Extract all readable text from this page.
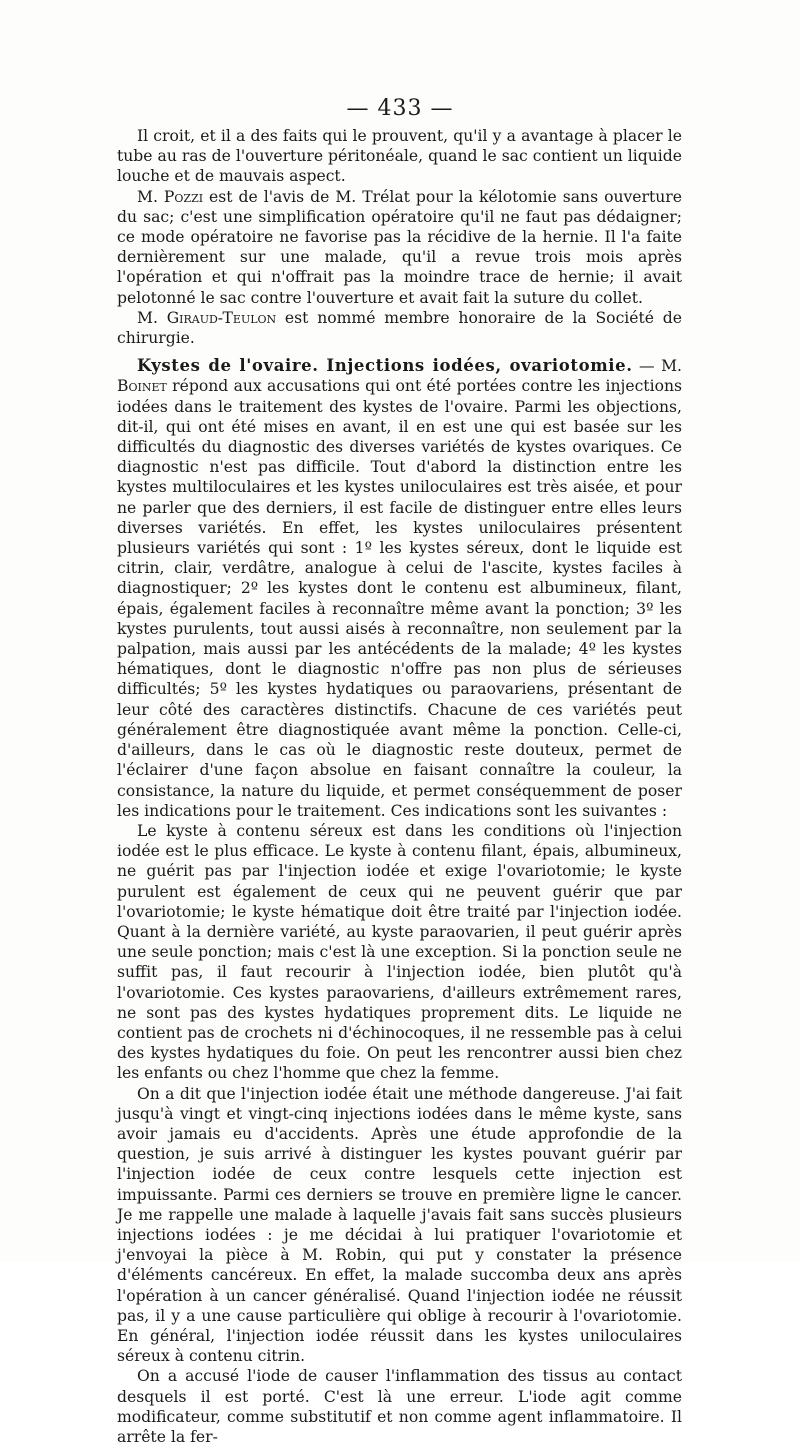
— 433 —

Il croit, et il a des faits qui le prouvent, qu'il y a avantage à placer le tube au ras de l'ouverture péritonéale, quand le sac contient un liquide louche et de mauvais aspect.

M. Pozzi est de l'avis de M. Trélat pour la kélotomie sans ouverture du sac; c'est une simplification opératoire qu'il ne faut pas dédaigner; ce mode opératoire ne favorise pas la récidive de la hernie. Il l'a faite dernièrement sur une malade, qu'il a revue trois mois après l'opération et qui n'offrait pas la moindre trace de hernie; il avait pelotonné le sac contre l'ouverture et avait fait la suture du collet.

M. Giraud-Teulon est nommé membre honoraire de la Société de chirurgie.

Kystes de l'ovaire. Injections iodées, ovariotomie. — M. Boinet répond aux accusations qui ont été portées contre les injections iodées dans le traitement des kystes de l'ovaire. Parmi les objections, dit-il, qui ont été mises en avant, il en est une qui est basée sur les difficultés du diagnostic des diverses variétés de kystes ovariques. Ce diagnostic n'est pas difficile. Tout d'abord la distinction entre les kystes multiloculaires et les kystes uniloculaires est très aisée, et pour ne parler que des derniers, il est facile de distinguer entre elles leurs diverses variétés. En effet, les kystes uniloculaires présentent plusieurs variétés qui sont : 1º les kystes séreux, dont le liquide est citrin, clair, verdâtre, analogue à celui de l'ascite, kystes faciles à diagnostiquer; 2º les kystes dont le contenu est albumineux, filant, épais, également faciles à reconnaître même avant la ponction; 3º les kystes purulents, tout aussi aisés à reconnaître, non seulement par la palpation, mais aussi par les antécédents de la malade; 4º les kystes hématiques, dont le diagnostic n'offre pas non plus de sérieuses difficultés; 5º les kystes hydatiques ou paraovariens, présentant de leur côté des caractères distinctifs. Chacune de ces variétés peut généralement être diagnostiquée avant même la ponction. Celle-ci, d'ailleurs, dans le cas où le diagnostic reste douteux, permet de l'éclairer d'une façon absolue en faisant connaître la couleur, la consistance, la nature du liquide, et permet conséquemment de poser les indications pour le traitement. Ces indications sont les suivantes :

Le kyste à contenu séreux est dans les conditions où l'injection iodée est le plus efficace. Le kyste à contenu filant, épais, albumineux, ne guérit pas par l'injection iodée et exige l'ovariotomie; le kyste purulent est également de ceux qui ne peuvent guérir que par l'ovariotomie; le kyste hématique doit être traité par l'injection iodée. Quant à la dernière variété, au kyste paraovarien, il peut guérir après une seule ponction; mais c'est là une exception. Si la ponction seule ne suffit pas, il faut recourir à l'injection iodée, bien plutôt qu'à l'ovariotomie. Ces kystes paraovariens, d'ailleurs extrêmement rares, ne sont pas des kystes hydatiques proprement dits. Le liquide ne contient pas de crochets ni d'échinocoques, il ne ressemble pas à celui des kystes hydatiques du foie. On peut les rencontrer aussi bien chez les enfants ou chez l'homme que chez la femme.

On a dit que l'injection iodée était une méthode dangereuse. J'ai fait jusqu'à vingt et vingt-cinq injections iodées dans le même kyste, sans avoir jamais eu d'accidents. Après une étude approfondie de la question, je suis arrivé à distinguer les kystes pouvant guérir par l'injection iodée de ceux contre lesquels cette injection est impuissante. Parmi ces derniers se trouve en première ligne le cancer. Je me rappelle une malade à laquelle j'avais fait sans succès plusieurs injections iodées : je me décidai à lui pratiquer l'ovariotomie et j'envoyai la pièce à M. Robin, qui put y constater la présence d'éléments cancéreux. En effet, la malade succomba deux ans après l'opération à un cancer généralisé. Quand l'injection iodée ne réussit pas, il y a une cause particulière qui oblige à recourir à l'ovariotomie. En général, l'injection iodée réussit dans les kystes uniloculaires séreux à contenu citrin.

On a accusé l'iode de causer l'inflammation des tissus au contact desquels il est porté. C'est là une erreur. L'iode agit comme modificateur, comme substitutif et non comme agent inflammatoire. Il arrête la fer-
